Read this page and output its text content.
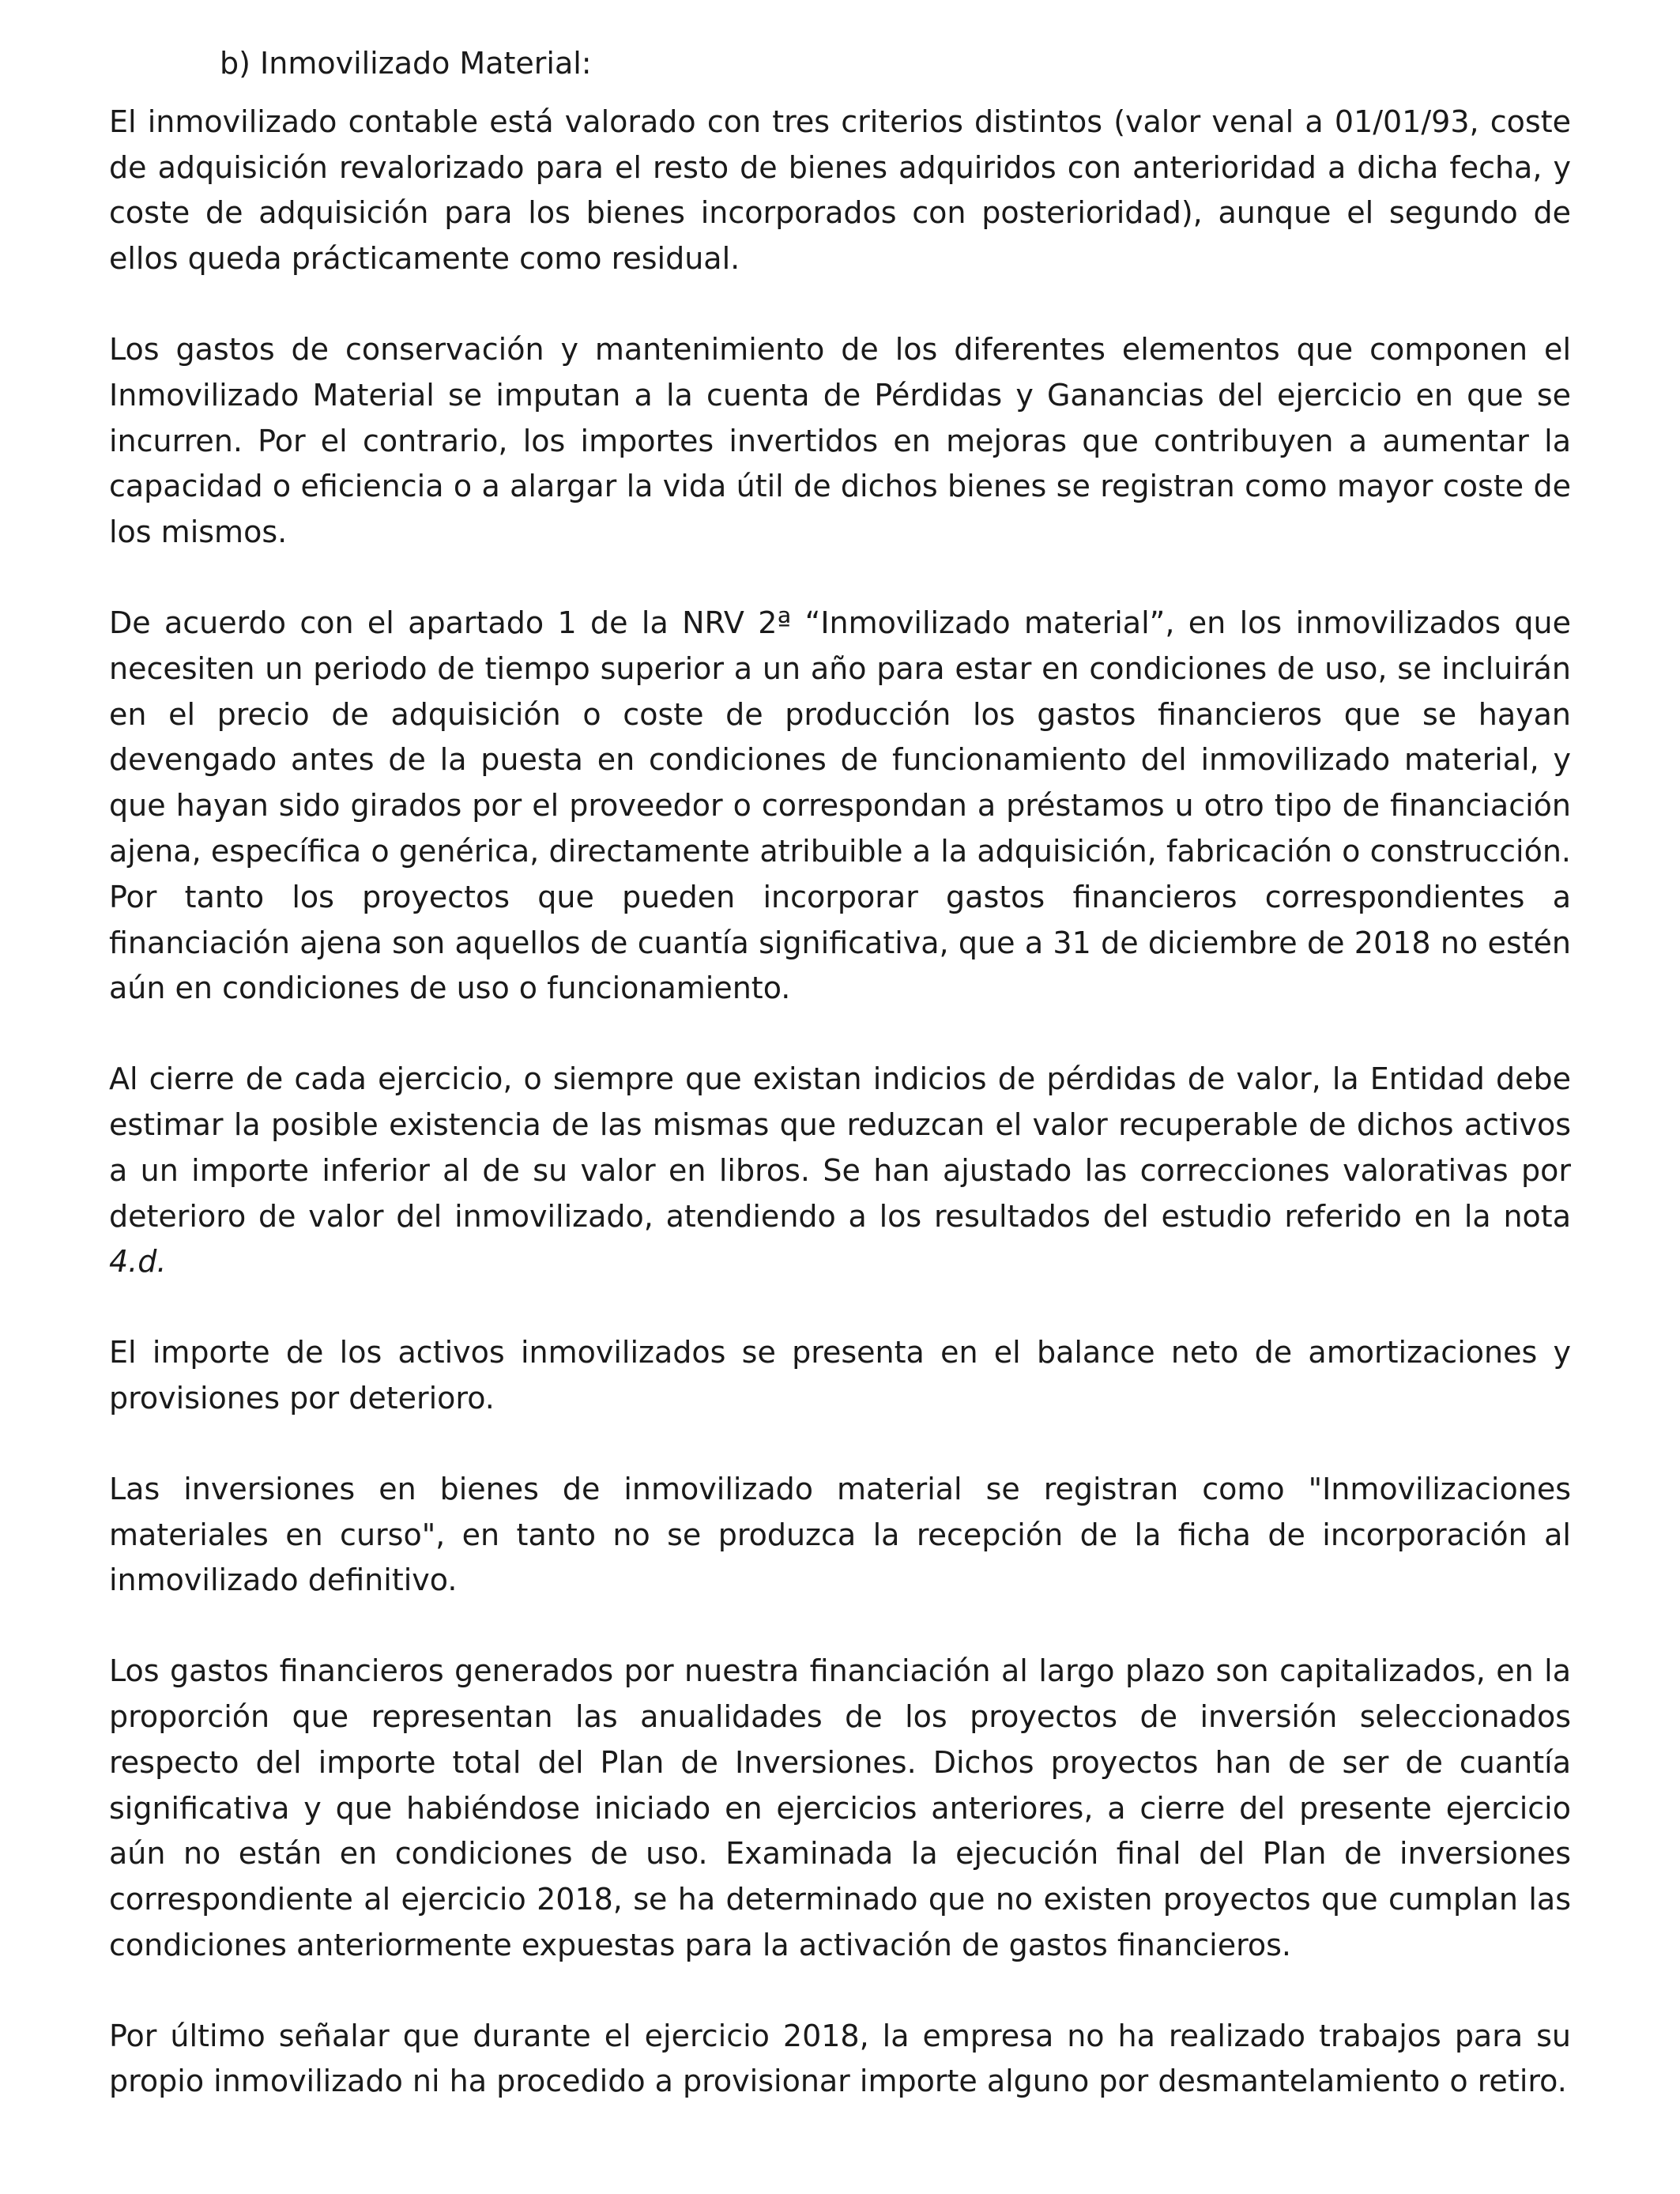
b) Inmovilizado Material:

El inmovilizado contable está valorado con tres criterios distintos (valor venal a 01/01/93, coste de adquisición revalorizado para el resto de bienes adquiridos con anterioridad a dicha fecha, y coste de adquisición para los bienes incorporados con posterioridad), aunque el segundo de ellos queda prácticamente como residual.

Los gastos de conservación y mantenimiento de los diferentes elementos que componen el Inmovilizado Material se imputan a la cuenta de Pérdidas y Ganancias del ejercicio en que se incurren. Por el contrario, los importes invertidos en mejoras que contribuyen a aumentar la capacidad o eficiencia o a alargar la vida útil de dichos bienes se registran como mayor coste de los mismos.

De acuerdo con el apartado 1 de la NRV 2ª “Inmovilizado material”, en los inmovilizados que necesiten un periodo de tiempo superior a un año para estar en condiciones de uso, se incluirán en el precio de adquisición o coste de producción los gastos financieros que se hayan devengado antes de la puesta en condiciones de funcionamiento del inmovilizado material, y que hayan sido girados por el proveedor o correspondan a préstamos u otro tipo de financiación ajena, específica o genérica, directamente atribuible a la adquisición, fabricación o construcción. Por tanto los proyectos que pueden incorporar gastos financieros correspondientes a financiación ajena son aquellos de cuantía significativa, que a 31 de diciembre de 2018 no estén aún en condiciones de uso o funcionamiento.

Al cierre de cada ejercicio, o siempre que existan indicios de pérdidas de valor, la Entidad debe estimar la posible existencia de las mismas que reduzcan el valor recuperable de dichos activos a un importe inferior al de su valor en libros. Se han ajustado las correcciones valorativas por deterioro de valor del inmovilizado, atendiendo a los resultados del estudio referido en la nota 4.d.

El importe de los activos inmovilizados se presenta en el balance neto de amortizaciones y provisiones por deterioro.

Las inversiones en bienes de inmovilizado material se registran como "Inmovilizaciones materiales en curso", en tanto no se produzca la recepción de la ficha de incorporación al inmovilizado definitivo.

Los gastos financieros generados por nuestra financiación al largo plazo son capitalizados, en la proporción que representan las anualidades de los proyectos de inversión seleccionados respecto del importe total del Plan de Inversiones. Dichos proyectos han de ser de cuantía significativa y que habiéndose iniciado en ejercicios anteriores, a cierre del presente ejercicio aún no están en condiciones de uso. Examinada la ejecución final del Plan de inversiones correspondiente al ejercicio 2018, se ha determinado que no existen proyectos que cumplan las condiciones anteriormente expuestas para la activación de gastos financieros.

Por último señalar que durante el ejercicio 2018, la empresa no ha realizado trabajos para su propio inmovilizado ni ha procedido a provisionar importe alguno por desmantelamiento o retiro.
